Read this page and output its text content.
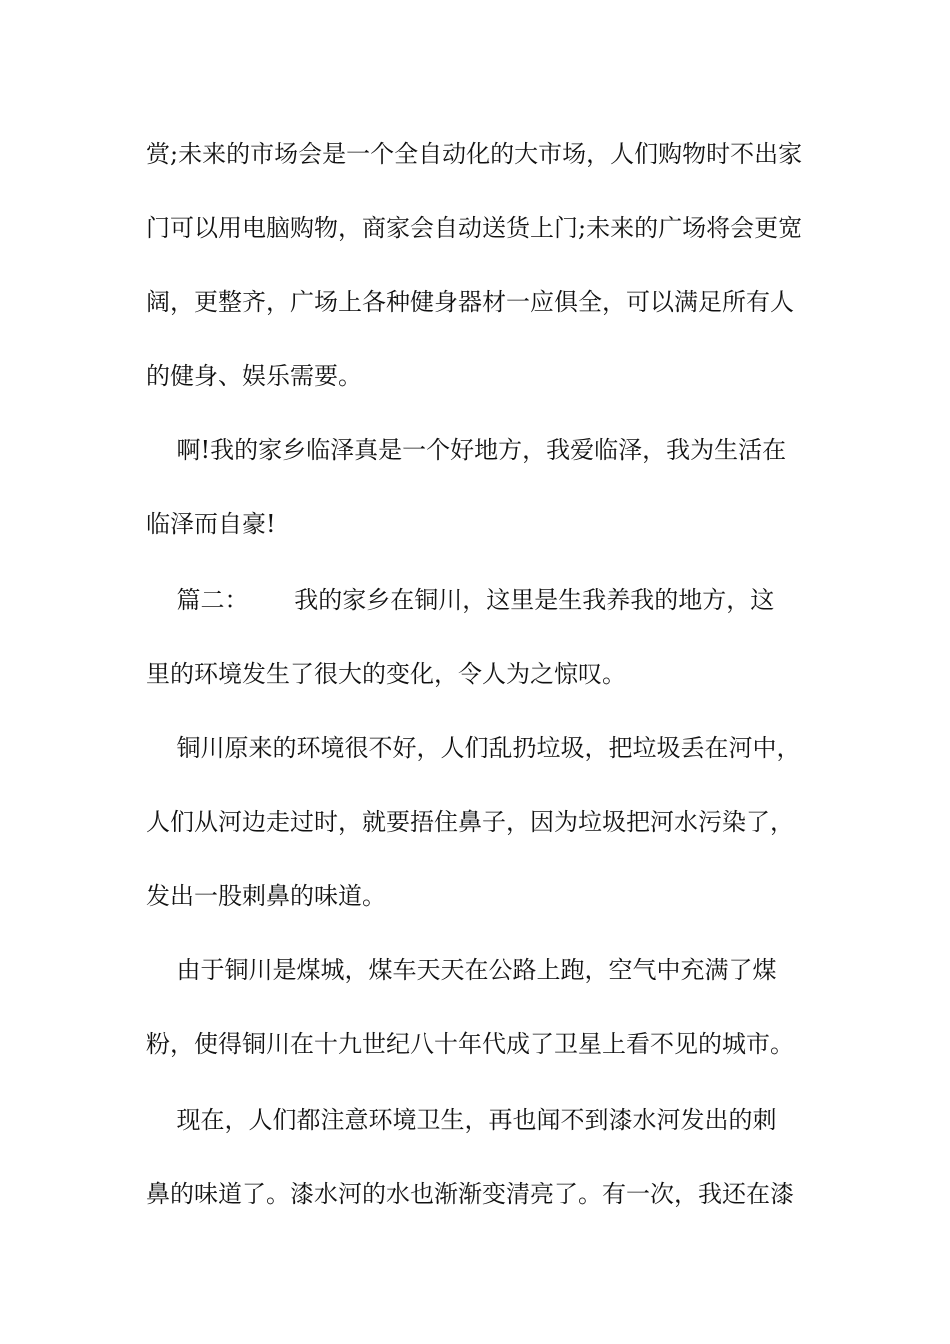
赏;未来的市场会是一个全自动化的大市场，人们购物时不出家

门可以用电脑购物，商家会自动送货上门;未来的广场将会更宽

阔，更整齐，广场上各种健身器材一应俱全，可以满足所有人

的健身、娱乐需要。

啊!我的家乡临泽真是一个好地方，我爱临泽，我为生活在

临泽而自豪!

篇二：      我的家乡在铜川，这里是生我养我的地方，这

里的环境发生了很大的变化，令人为之惊叹。

铜川原来的环境很不好，人们乱扔垃圾，把垃圾丢在河中，

人们从河边走过时，就要捂住鼻子，因为垃圾把河水污染了，

发出一股刺鼻的味道。

由于铜川是煤城，煤车天天在公路上跑，空气中充满了煤

粉，使得铜川在十九世纪八十年代成了卫星上看不见的城市。

现在，人们都注意环境卫生，再也闻不到漆水河发出的刺

鼻的味道了。漆水河的水也渐渐变清亮了。有一次，我还在漆
